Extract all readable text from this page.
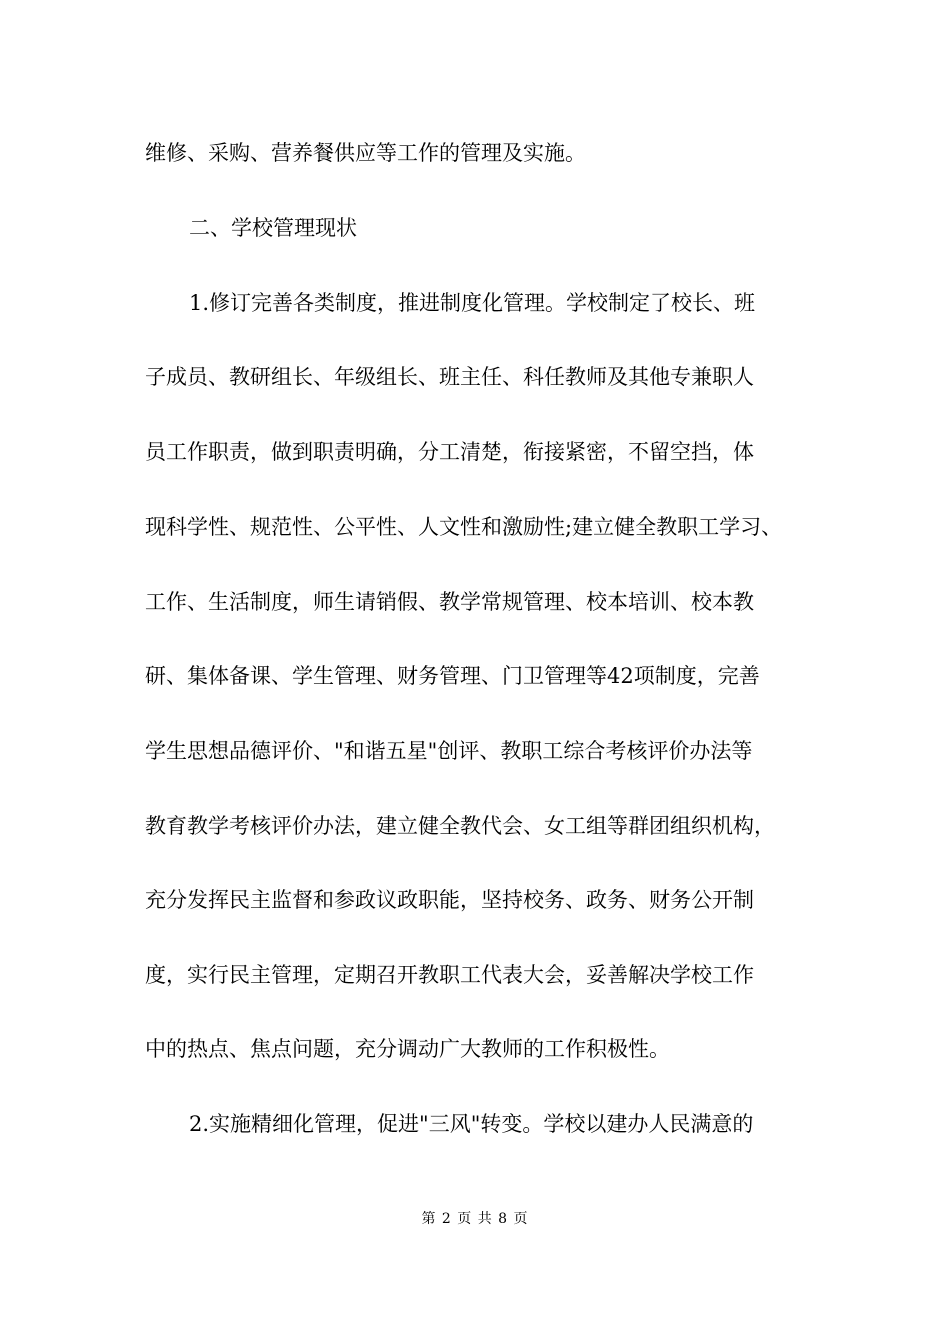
维修、采购、营养餐供应等工作的管理及实施。
二、学校管理现状
1.修订完善各类制度，推进制度化管理。学校制定了校长、班
子成员、教研组长、年级组长、班主任、科任教师及其他专兼职人
员工作职责，做到职责明确，分工清楚，衔接紧密，不留空挡，体
现科学性、规范性、公平性、人文性和激励性;建立健全教职工学习、
工作、生活制度，师生请销假、教学常规管理、校本培训、校本教
研、集体备课、学生管理、财务管理、门卫管理等42项制度，完善
学生思想品德评价、"和谐五星"创评、教职工综合考核评价办法等
教育教学考核评价办法，建立健全教代会、女工组等群团组织机构，
充分发挥民主监督和参政议政职能，坚持校务、政务、财务公开制
度，实行民主管理，定期召开教职工代表大会，妥善解决学校工作
中的热点、焦点问题，充分调动广大教师的工作积极性。
2.实施精细化管理，促进"三风"转变。学校以建办人民满意的
第 2 页 共 8 页
